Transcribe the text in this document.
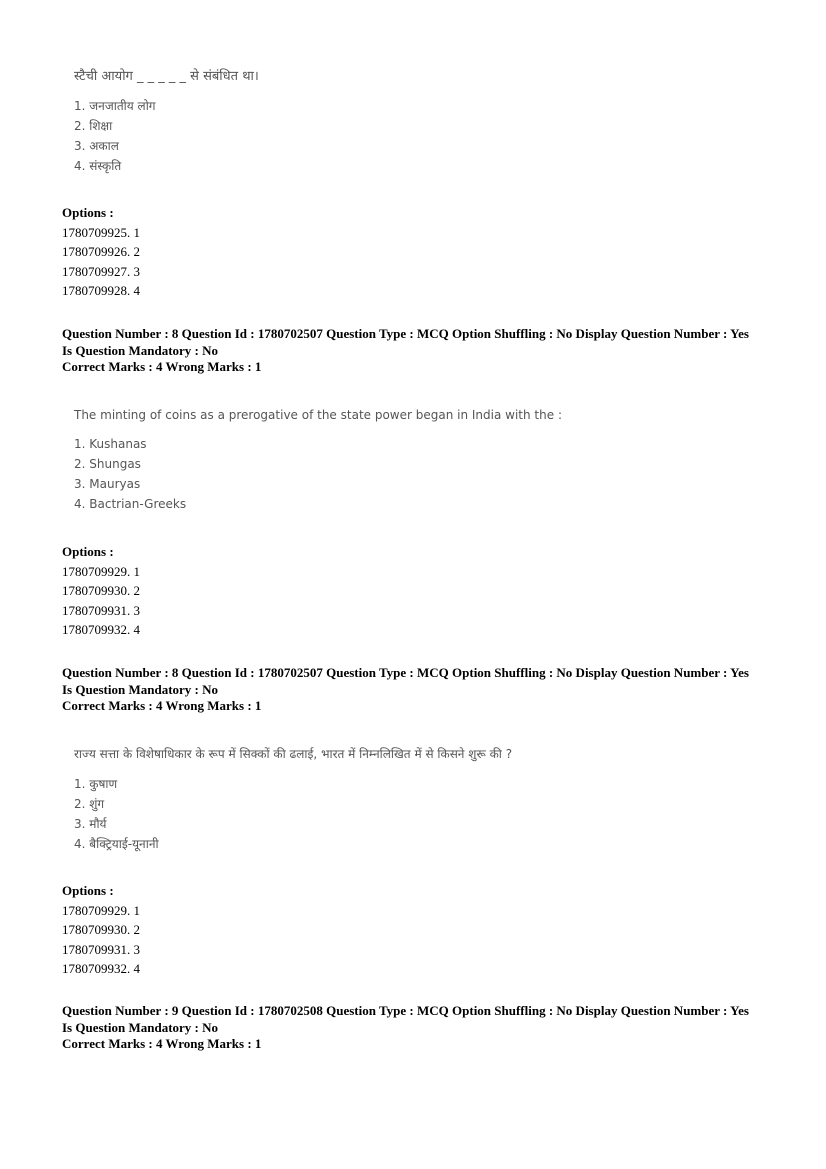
स्टैची आयोग _ _ _ _ _ से संबंधित था।
1. जनजातीय लोग
2. शिक्षा
3. अकाल
4. संस्कृति
Options :
1780709925. 1
1780709926. 2
1780709927. 3
1780709928. 4
Question Number : 8 Question Id : 1780702507 Question Type : MCQ Option Shuffling : No Display Question Number : Yes
Is Question Mandatory : No
Correct Marks : 4 Wrong Marks : 1
The minting of coins as a prerogative of the state power began in India with the :
1. Kushanas
2. Shungas
3. Mauryas
4. Bactrian-Greeks
Options :
1780709929. 1
1780709930. 2
1780709931. 3
1780709932. 4
Question Number : 8 Question Id : 1780702507 Question Type : MCQ Option Shuffling : No Display Question Number : Yes
Is Question Mandatory : No
Correct Marks : 4 Wrong Marks : 1
राज्य सत्ता के विशेषाधिकार के रूप में सिक्कों की ढलाई, भारत में निम्नलिखित में से किसने शुरू की ?
1. कुषाण
2. शुंग
3. मौर्य
4. बैक्ट्रियाई-यूनानी
Options :
1780709929. 1
1780709930. 2
1780709931. 3
1780709932. 4
Question Number : 9 Question Id : 1780702508 Question Type : MCQ Option Shuffling : No Display Question Number : Yes
Is Question Mandatory : No
Correct Marks : 4 Wrong Marks : 1
